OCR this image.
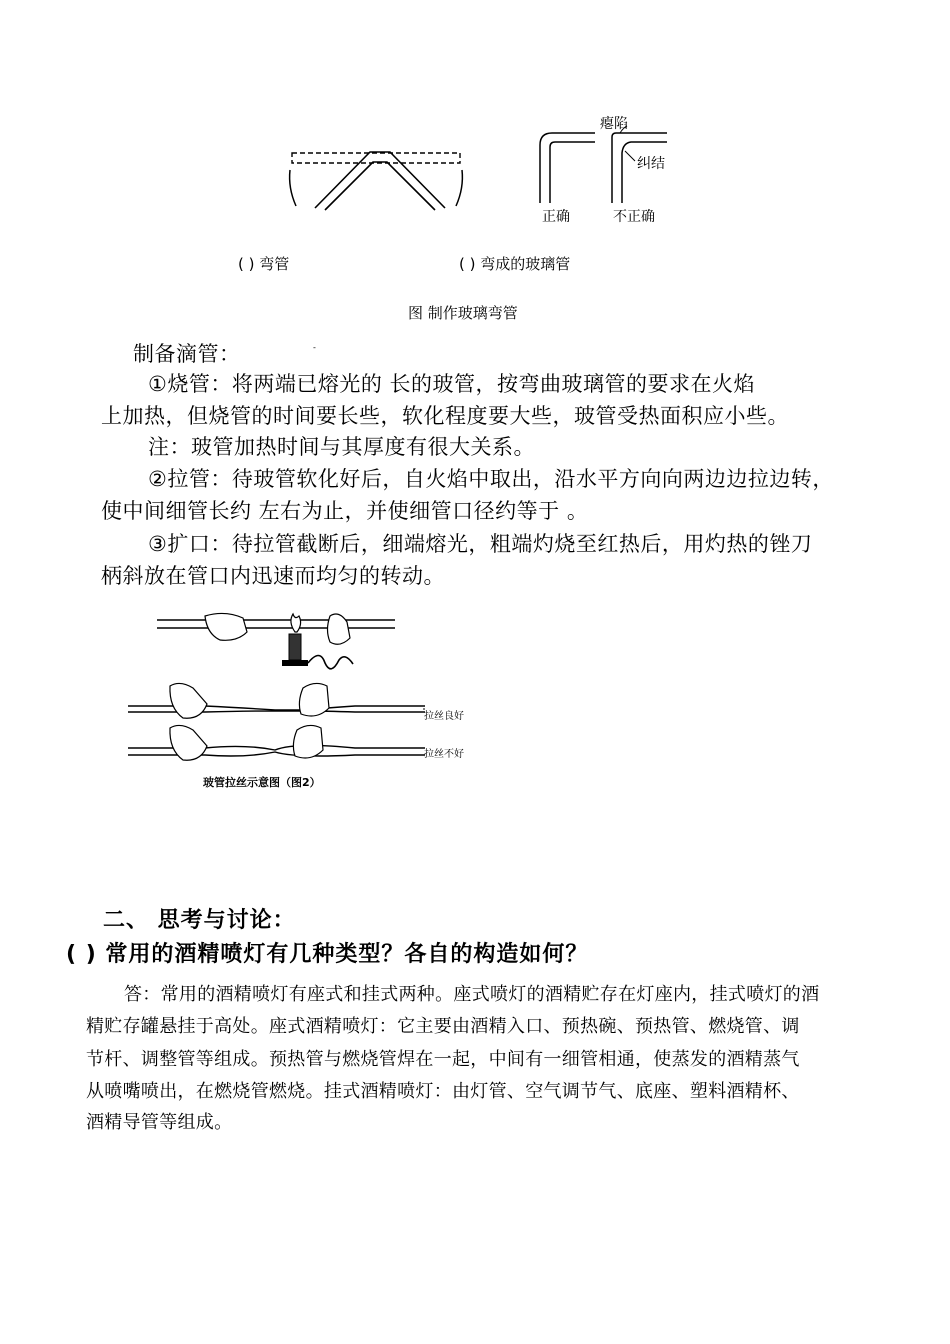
瘪陷
纠结
正确	不正确
( ) 弯管	( ) 弯成的玻璃管
图 制作玻璃弯管
制备滴管：	-
①烧管：将两端已熔光的 长的玻管，按弯曲玻璃管的要求在火焰
上加热，但烧管的时间要长些，软化程度要大些，玻管受热面积应小些。
注：玻管加热时间与其厚度有很大关系。
②拉管：待玻管软化好后，自火焰中取出，沿水平方向向两边边拉边转，
使中间细管长约 左右为止，并使细管口径约等于 。
③扩口：待拉管截断后，细端熔光，粗端灼烧至红热后，用灼热的锉刀
柄斜放在管口内迅速而均匀的转动。
拉丝良好
拉丝不好
玻管拉丝示意图（图2）
二、 思考与讨论：
( ) 常用的酒精喷灯有几种类型？各自的构造如何？
答：常用的酒精喷灯有座式和挂式两种。座式喷灯的酒精贮存在灯座内，挂式喷灯的酒
精贮存罐悬挂于高处。座式酒精喷灯：它主要由酒精入口、预热碗、预热管、燃烧管、调
节杆、调整管等组成。预热管与燃烧管焊在一起，中间有一细管相通，使蒸发的酒精蒸气
从喷嘴喷出，在燃烧管燃烧。挂式酒精喷灯：由灯管、空气调节气、底座、塑料酒精杯、
酒精导管等组成。
